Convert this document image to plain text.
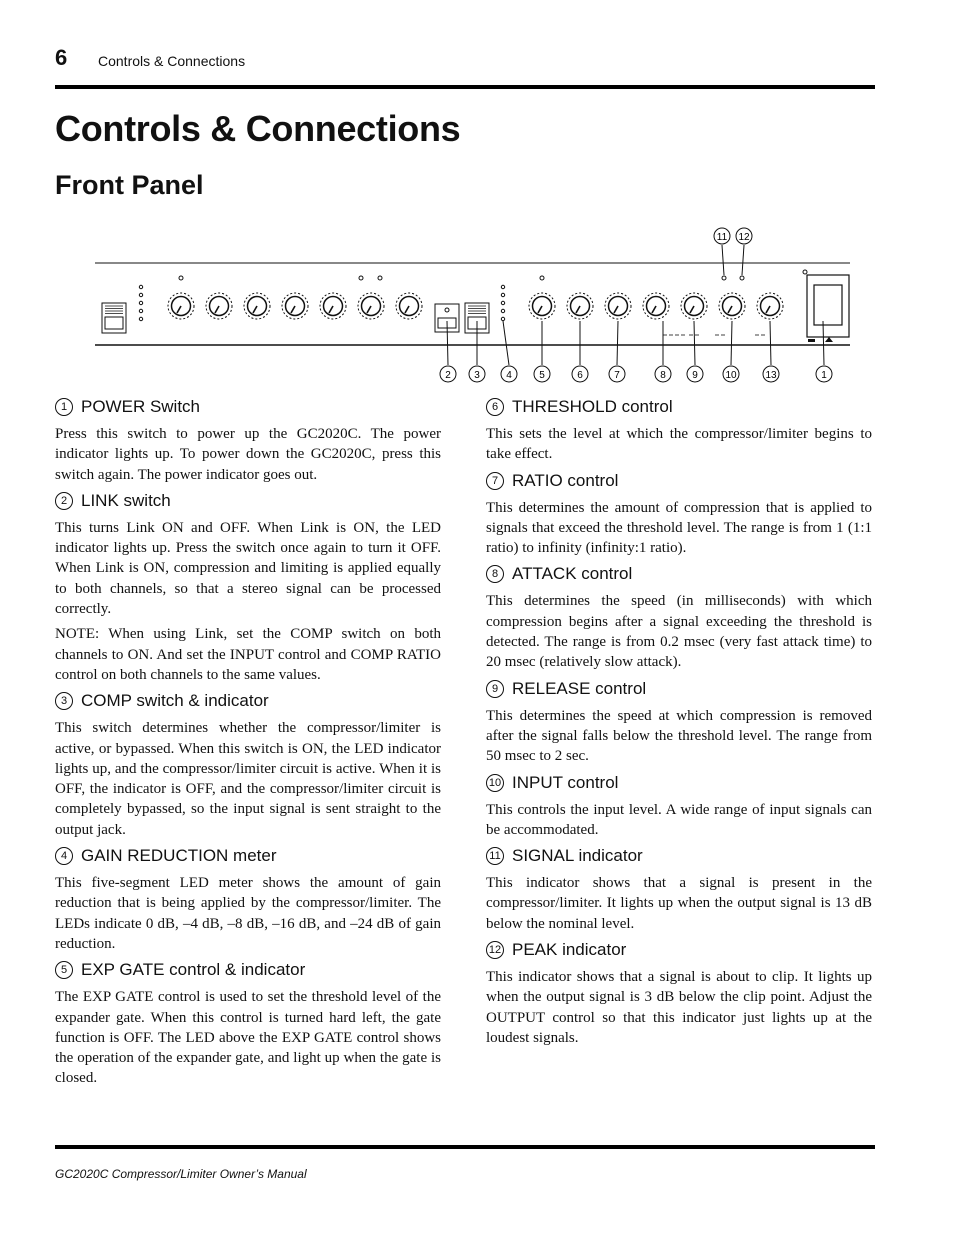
6 Controls & Connections
Controls & Connections
Front Panel
2 3	4	5	6	7	8	9	10	13	1
11 12
1 POWER Switch

Press this switch to power up the GC2020C. The power indicator lights up. To power down the GC2020C, press this switch again. The power indicator goes out.

2 LINK switch

This turns Link ON and OFF. When Link is ON, the LED indicator lights up. Press the switch once again to turn it OFF. When Link is ON, compression and limiting is applied equally to both channels, so that a stereo signal can be processed correctly.

NOTE: When using Link, set the COMP switch on both channels to ON. And set the INPUT control and COMP RATIO control on both channels to the same values.

3 COMP switch & indicator

This switch determines whether the compressor/limiter is active, or bypassed. When this switch is ON, the LED indicator lights up, and the compressor/limiter circuit is active. When it is OFF, the indicator is OFF, and the compressor/limiter circuit is completely bypassed, so the input signal is sent straight to the output jack.

4 GAIN REDUCTION meter

This five-segment LED meter shows the amount of gain reduction that is being applied by the compressor/limiter. The LEDs indicate 0 dB, –4 dB, –8 dB, –16 dB, and –24 dB of gain reduction.

5 EXP GATE control & indicator

The EXP GATE control is used to set the threshold level of the expander gate. When this control is turned hard left, the gate function is OFF. The LED above the EXP GATE control shows the operation of the expander gate, and light up when the gate is closed.

6 THRESHOLD control

This sets the level at which the compressor/limiter begins to take effect.

7 RATIO control

This determines the amount of compression that is applied to signals that exceed the threshold level. The range is from 1 (1:1 ratio) to infinity (infinity:1 ratio).

8 ATTACK control

This determines the speed (in milliseconds) with which compression begins after a signal exceeding the threshold is detected. The range is from 0.2 msec (very fast attack time) to 20 msec (relatively slow attack).

9 RELEASE control

This determines the speed at which compression is removed after the signal falls below the threshold level. The range from 50 msec to 2 sec.

10 INPUT control

This controls the input level. A wide range of input signals can be accommodated.

11 SIGNAL indicator

This indicator shows that a signal is present in the compressor/limiter. It lights up when the output signal is 13 dB below the nominal level.

12 PEAK indicator

This indicator shows that a signal is about to clip. It lights up when the output signal is 3 dB below the clip point. Adjust the OUTPUT control so that this indicator just lights up at the loudest signals.

GC2020C Compressor/Limiter Owner’s Manual
